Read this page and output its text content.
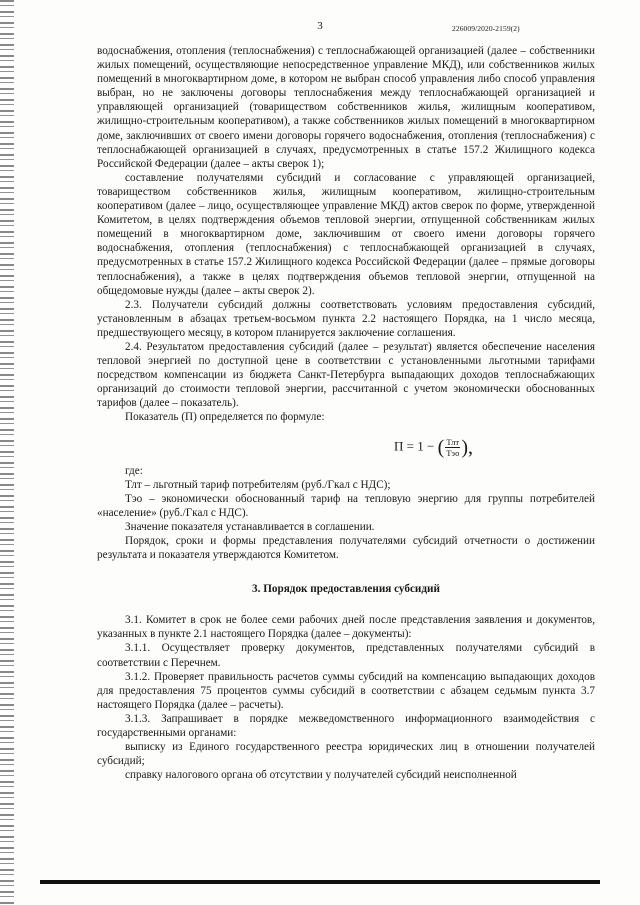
3	226009/2020-2159(2)

водоснабжения, отопления (теплоснабжения) с теплоснабжающей организацией (далее – собственники жилых помещений, осуществляющие непосредственное управление МКД), или собственников жилых помещений в многоквартирном доме, в котором не выбран способ управления либо способ управления выбран, но не заключены договоры теплоснабжения между теплоснабжающей организацией и управляющей организацией (товариществом собственников жилья, жилищным кооперативом, жилищно-строительным кооперативом), а также собственников жилых помещений в многоквартирном доме, заключивших от своего имени договоры горячего водоснабжения, отопления (теплоснабжения) с теплоснабжающей организацией в случаях, предусмотренных в статье 157.2 Жилищного кодекса Российской Федерации (далее – акты сверок 1);

составление получателями субсидий и согласование с управляющей организацией, товариществом собственников жилья, жилищным кооперативом, жилищно-строительным кооперативом (далее – лицо, осуществляющее управление МКД) актов сверок по форме, утвержденной Комитетом, в целях подтверждения объемов тепловой энергии, отпущенной собственникам жилых помещений в многоквартирном доме, заключившим от своего имени договоры горячего водоснабжения, отопления (теплоснабжения) с теплоснабжающей организацией в случаях, предусмотренных в статье 157.2 Жилищного кодекса Российской Федерации (далее – прямые договоры теплоснабжения), а также в целях подтверждения объемов тепловой энергии, отпущенной на общедомовые нужды (далее – акты сверок 2).

2.3. Получатели субсидий должны соответствовать условиям предоставления субсидий, установленным в абзацах третьем-восьмом пункта 2.2 настоящего Порядка, на 1 число месяца, предшествующего месяцу, в котором планируется заключение соглашения.

2.4. Результатом предоставления субсидий (далее – результат) является обеспечение населения тепловой энергией по доступной цене в соответствии с установленными льготными тарифами посредством компенсации из бюджета Санкт-Петербурга выпадающих доходов теплоснабжающих организаций до стоимости тепловой энергии, рассчитанной с учетом экономически обоснованных тарифов (далее – показатель).

Показатель (П) определяется по формуле:

П = 1 − ( $\frac{\text{Тлт}}{\text{Тэо}}$ ),

где:

Тлт – льготный тариф потребителям (руб./Гкал с НДС);

Тэо – экономически обоснованный тариф на тепловую энергию для группы потребителей «население» (руб./Гкал с НДС).

Значение показателя устанавливается в соглашении.

Порядок, сроки и формы представления получателями субсидий отчетности о достижении результата и показателя утверждаются Комитетом.

3. Порядок предоставления субсидий

3.1. Комитет в срок не более семи рабочих дней после представления заявления и документов, указанных в пункте 2.1 настоящего Порядка (далее – документы):

3.1.1. Осуществляет проверку документов, представленных получателями субсидий в соответствии с Перечнем.

3.1.2. Проверяет правильность расчетов суммы субсидий на компенсацию выпадающих доходов для предоставления 75 процентов суммы субсидий в соответствии с абзацем седьмым пункта 3.7 настоящего Порядка (далее – расчеты).

3.1.3. Запрашивает в порядке межведомственного информационного взаимодействия с государственными органами:

выписку из Единого государственного реестра юридических лиц в отношении получателей субсидий;

справку налогового органа об отсутствии у получателей субсидий неисполненной
